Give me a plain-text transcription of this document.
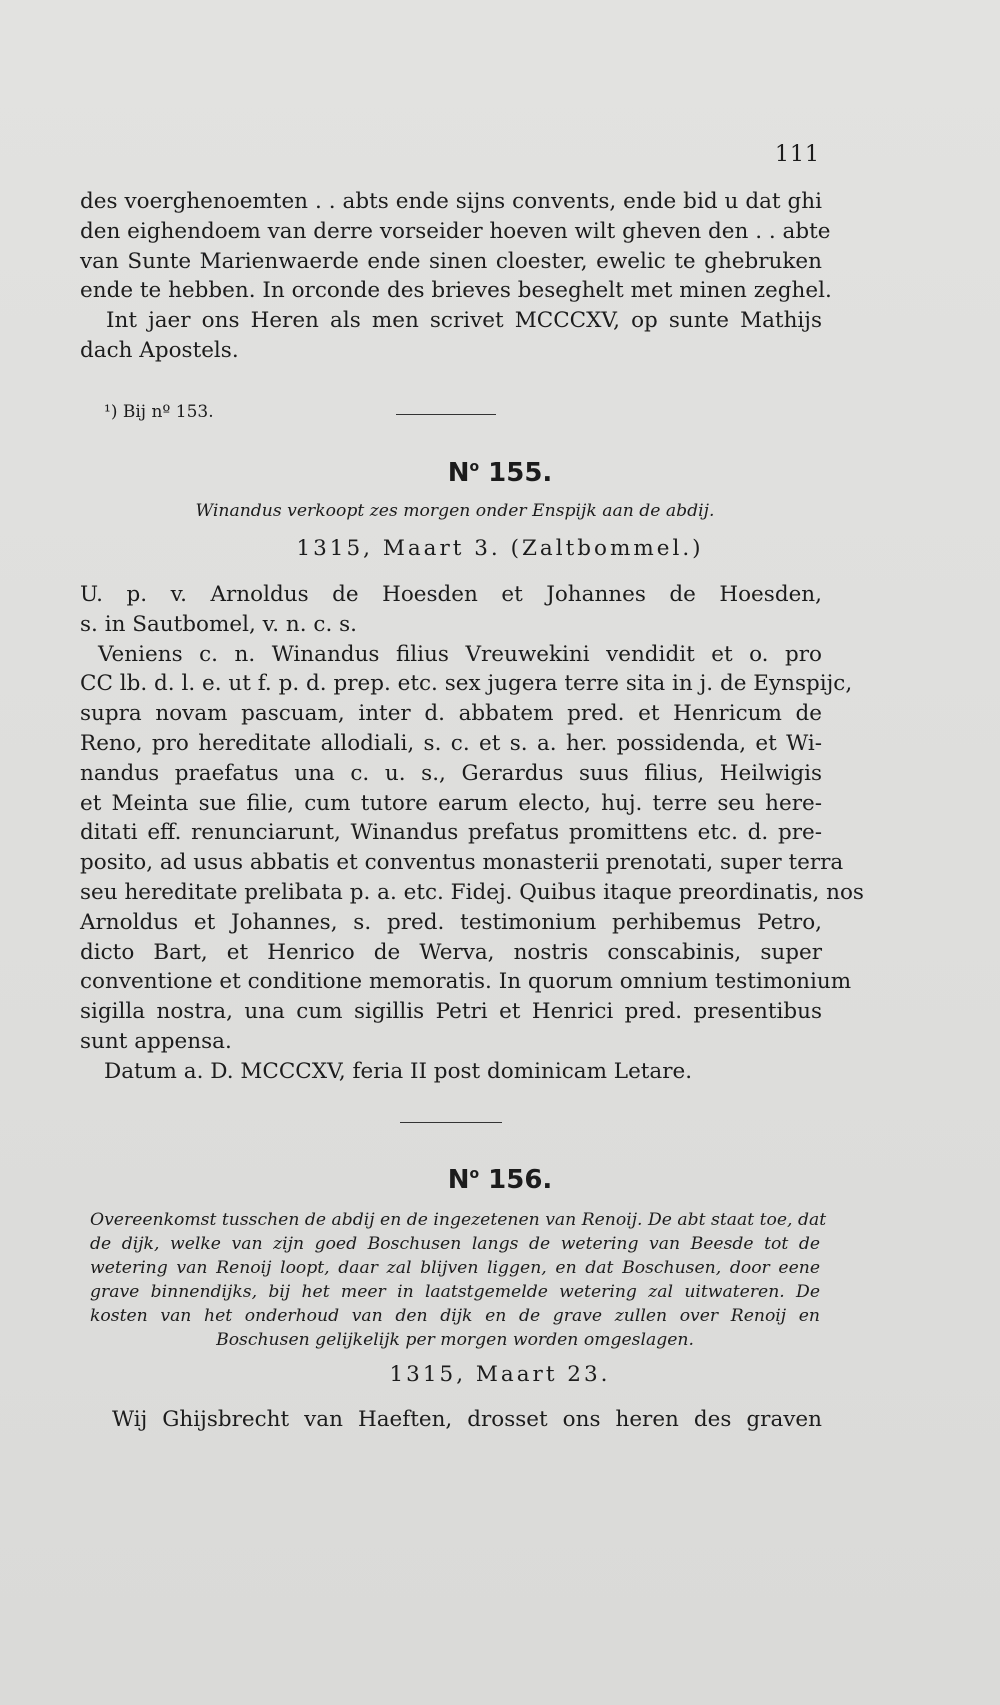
111
des voerghenoemten . . abts ende sijns convents, ende bid u dat ghi
den eighendoem van derre vorseider hoeven wilt gheven den . . abte
van Sunte Marienwaerde ende sinen cloester, ewelic te ghebruken
ende te hebben. In orconde des brieves beseghelt met minen zeghel.
Int jaer ons Heren als men scrivet MCCCXV, op sunte Mathijs
dach Apostels.
¹) Bij nº 153.
$N^o$ 155.
Winandus verkoopt zes morgen onder Enspijk aan de abdij.
1315, Maart 3. (Zaltbommel.)
U. p. v. Arnoldus de Hoesden et Johannes de Hoesden,
s. in Sautbomel, v. n. c. s.
Veniens c. n. Winandus filius Vreuwekini vendidit et o. pro
CC lb. d. l. e. ut f. p. d. prep. etc. sex jugera terre sita in j. de Eynspijc,
supra novam pascuam, inter d. abbatem pred. et Henricum de
Reno, pro hereditate allodiali, s. c. et s. a. her. possidenda, et Wi-
nandus praefatus una c. u. s., Gerardus suus filius, Heilwigis
et Meinta sue filie, cum tutore earum electo, huj. terre seu here-
ditati eff. renunciarunt, Winandus prefatus promittens etc. d. pre-
posito, ad usus abbatis et conventus monasterii prenotati, super terra
seu hereditate prelibata p. a. etc. Fidej. Quibus itaque preordinatis, nos
Arnoldus et Johannes, s. pred. testimonium perhibemus Petro,
dicto Bart, et Henrico de Werva, nostris conscabinis, super
conventione et conditione memoratis. In quorum omnium testimonium
sigilla nostra, una cum sigillis Petri et Henrici pred. presentibus
sunt appensa.
Datum a. D. MCCCXV, feria II post dominicam Letare.
$N^o$ 156.
Overeenkomst tusschen de abdij en de ingezetenen van Renoij. De abt staat toe, dat
de dijk, welke van zijn goed Boschusen langs de wetering van Beesde tot de
wetering van Renoij loopt, daar zal blijven liggen, en dat Boschusen, door eene
grave binnendijks, bij het meer in laatstgemelde wetering zal uitwateren. De
kosten van het onderhoud van den dijk en de grave zullen over Renoij en
Boschusen gelijkelijk per morgen worden omgeslagen.
1315, Maart 23.
Wij Ghijsbrecht van Haeften, drosset ons heren des graven
